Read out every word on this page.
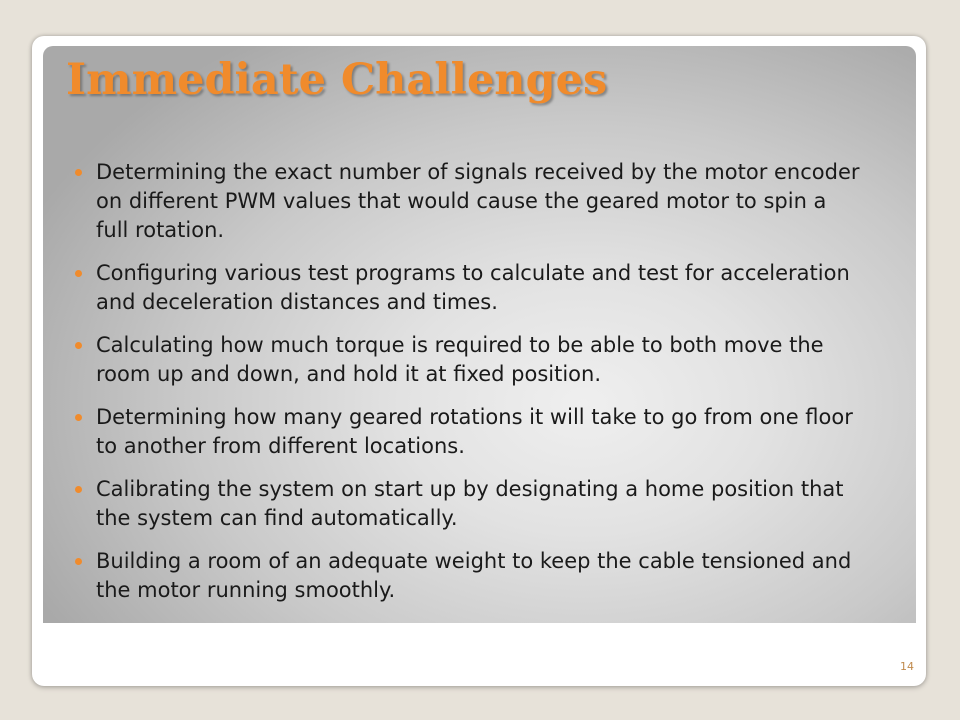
Immediate Challenges
Determining the exact number of signals received by the motor encoder on different PWM values that would cause the geared motor to spin a full rotation.
Configuring various test programs to calculate and test for acceleration and deceleration distances and times.
Calculating how much torque is required to be able to both move the room up and down, and hold it at fixed position.
Determining how many geared rotations it will take to go from one floor to another from different locations.
Calibrating the system on start up by designating a home position that the system can find automatically.
Building a room of an adequate weight to keep the cable tensioned and the motor running smoothly.
14
